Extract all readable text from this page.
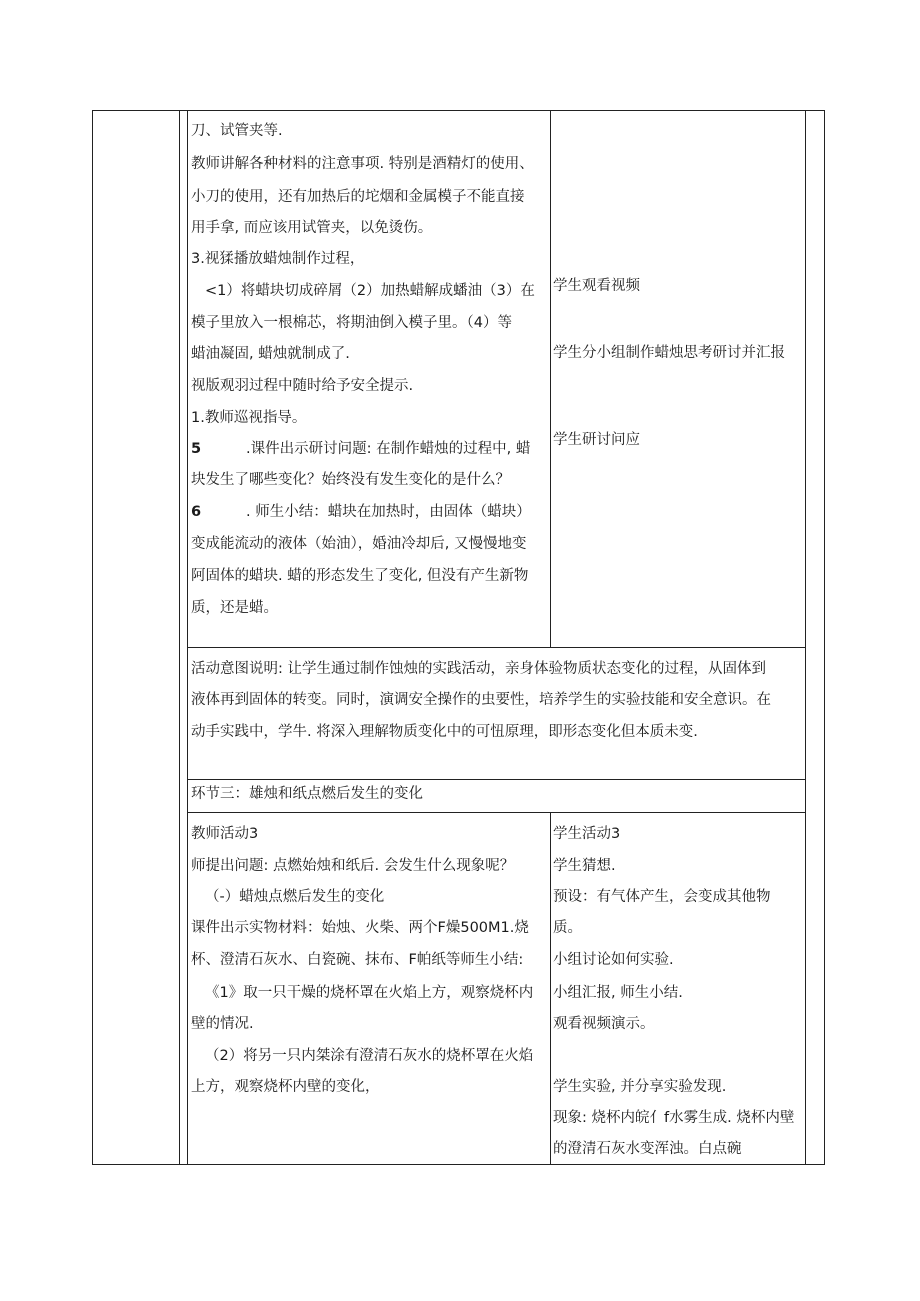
刀、试管夹等.
教师讲解各种材料的注意事项. 特别是酒精灯的使用、
小刀的使用，还有加热后的坨烟和金属模子不能直接
用手拿, 而应该用试管夹，以免烫伤。
3.视猱播放蜡烛制作过程，
<1）将蜡块切成碎屑（2）加热蜡解成蟠油（3）在
模子里放入一根棉芯，将期油倒入模子里。（4）等
蜡油凝固, 蜡烛就制成了.
视版观羽过程中随时给予安全提示.
1.教师巡视指导。
5	.课件出示研讨问题: 在制作蜡烛的过程中, 蜡
块发生了哪些变化？始终没有发生变化的是什么？
6	. 师生小结：蜡块在加热时，由固体（蜡块）
变成能流动的液体（始油），婚油冷却后, 又慢慢地变
阿固体的蜡块. 蜡的形态发生了变化, 但没有产生新物
质，还是蜡。
学生观看视频
学生分小组制作蜡烛思考研讨并汇报
学生研讨问应
活动意图说明: 让学生通过制作蚀烛的实践活动，亲身体验物质状态变化的过程，从固体到
液体再到固体的转变。同时，演调安全操作的虫要性，培养学生的实验技能和安全意识。在
动手实践中，学牛. 将深入理解物质变化中的可忸原理，即形态变化但本质未变.
环节三：雄烛和纸点燃后发生的变化
教师活动3
师提出问题: 点燃始烛和纸后. 会发生什么现象呢？
（-）蜡烛点燃后发生的变化
课件出示实物材料：始烛、火柴、两个F燥500M1.烧
杯、澄清石灰水、白瓷碗、抹布、F帕纸等师生小结:
《1》取一只干燥的烧杯罩在火焰上方，观察烧杯内
壁的情况.
（2）将另一只内桀涂有澄清石灰水的烧杯罩在火焰
上方，观察烧杯内壁的变化，
学生活动3
学生猜想.
预设：有气体产生，会变成其他物
质。
小组讨论如何实验.
小组汇报, 师生小结.
观看视频演示。
学生实验, 并分享实验发现.
现象: 烧杯内皖亻f水雾生成. 烧杯内壁
的澄清石灰水变浑浊。白点碗
